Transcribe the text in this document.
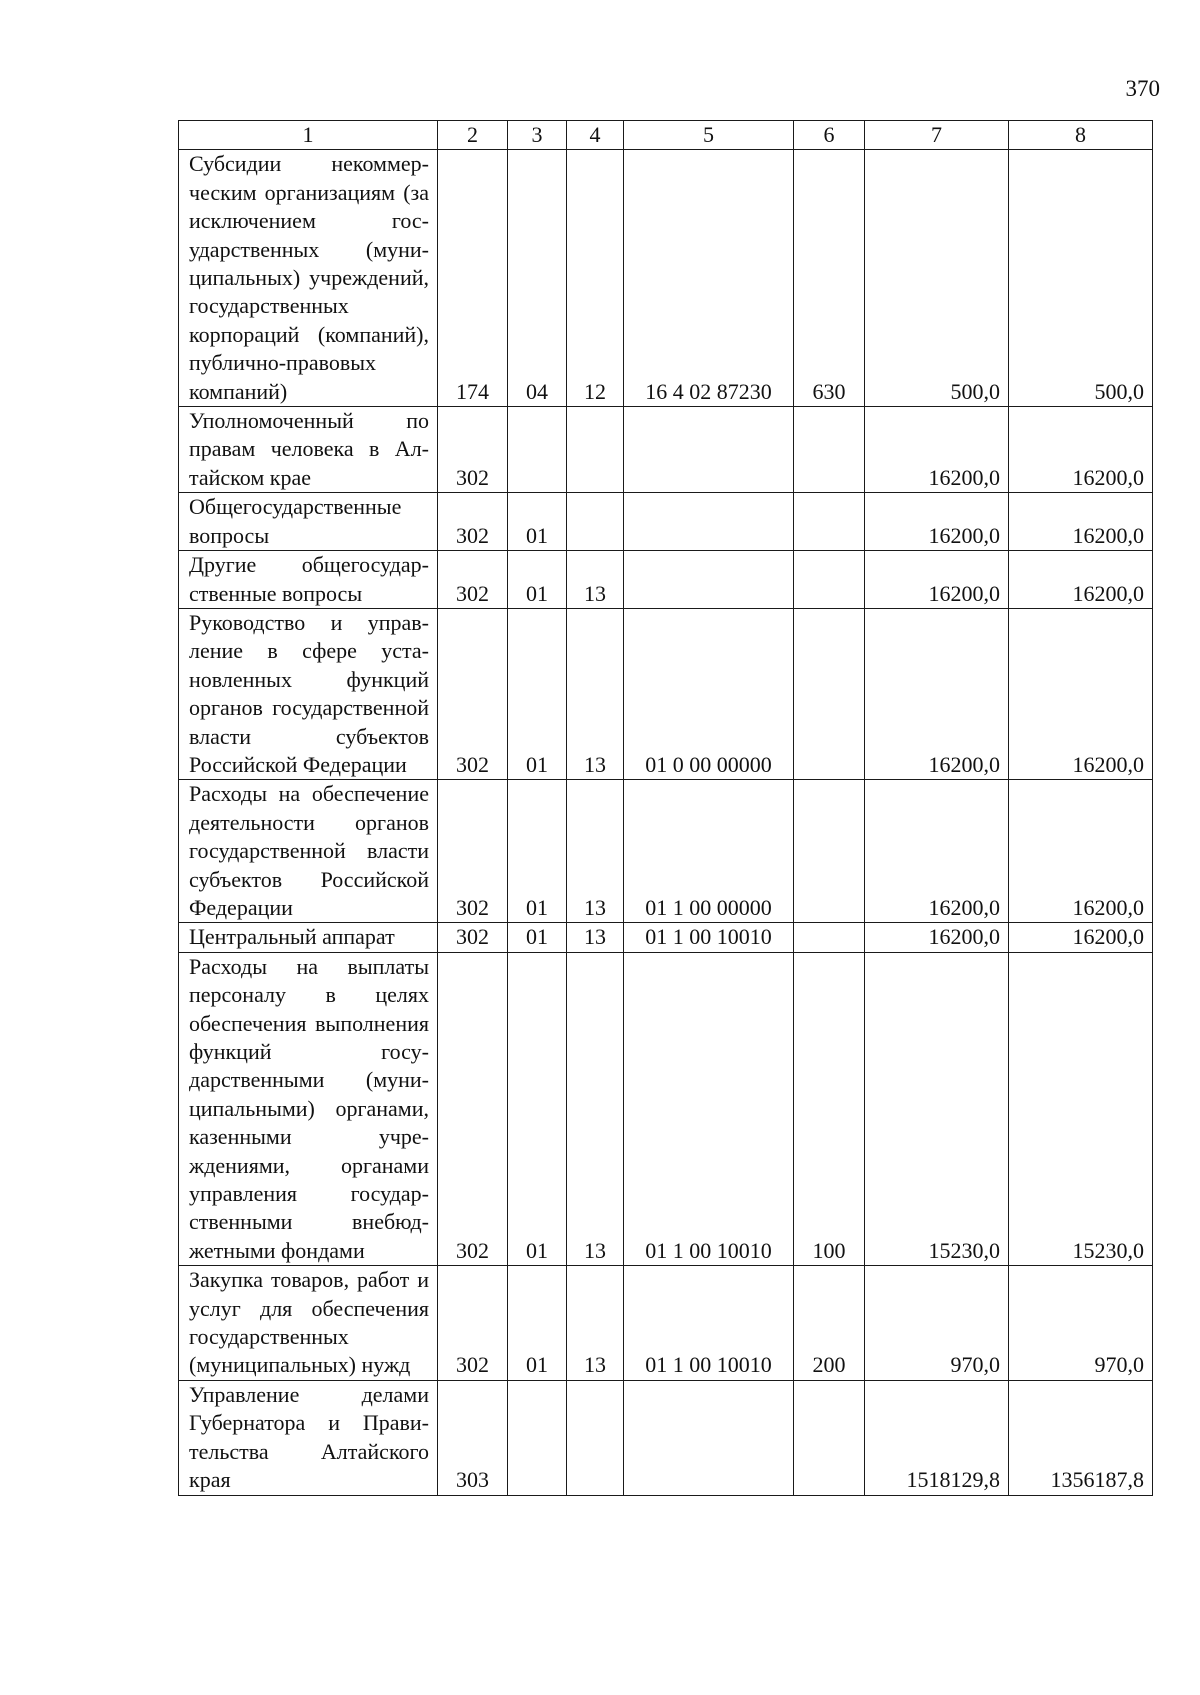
370
1	2	3	4	5	6	7	8
Субсидии некоммерческим организациям (за исключением государственных (муниципальных) учреждений, государственных корпораций (компаний), публично-правовых компаний)	174	04	12	16 4 02 87230	630	500,0	500,0
Уполномоченный по правам человека в Алтайском крае	302					16200,0	16200,0
Общегосударственные вопросы	302	01				16200,0	16200,0
Другие общегосударственные вопросы	302	01	13			16200,0	16200,0
Руководство и управление в сфере установленных функций органов государственной власти субъектов Российской Федерации	302	01	13	01 0 00 00000		16200,0	16200,0
Расходы на обеспечение деятельности органов государственной власти субъектов Российской Федерации	302	01	13	01 1 00 00000		16200,0	16200,0
Центральный аппарат	302	01	13	01 1 00 10010		16200,0	16200,0
Расходы на выплаты персоналу в целях обеспечения выполнения функций государственными (муниципальными) органами, казенными учреждениями, органами управления государственными внебюджетными фондами	302	01	13	01 1 00 10010	100	15230,0	15230,0
Закупка товаров, работ и услуг для обеспечения государственных (муниципальных) нужд	302	01	13	01 1 00 10010	200	970,0	970,0
Управление делами Губернатора и Правительства Алтайского края	303					1518129,8	1356187,8
